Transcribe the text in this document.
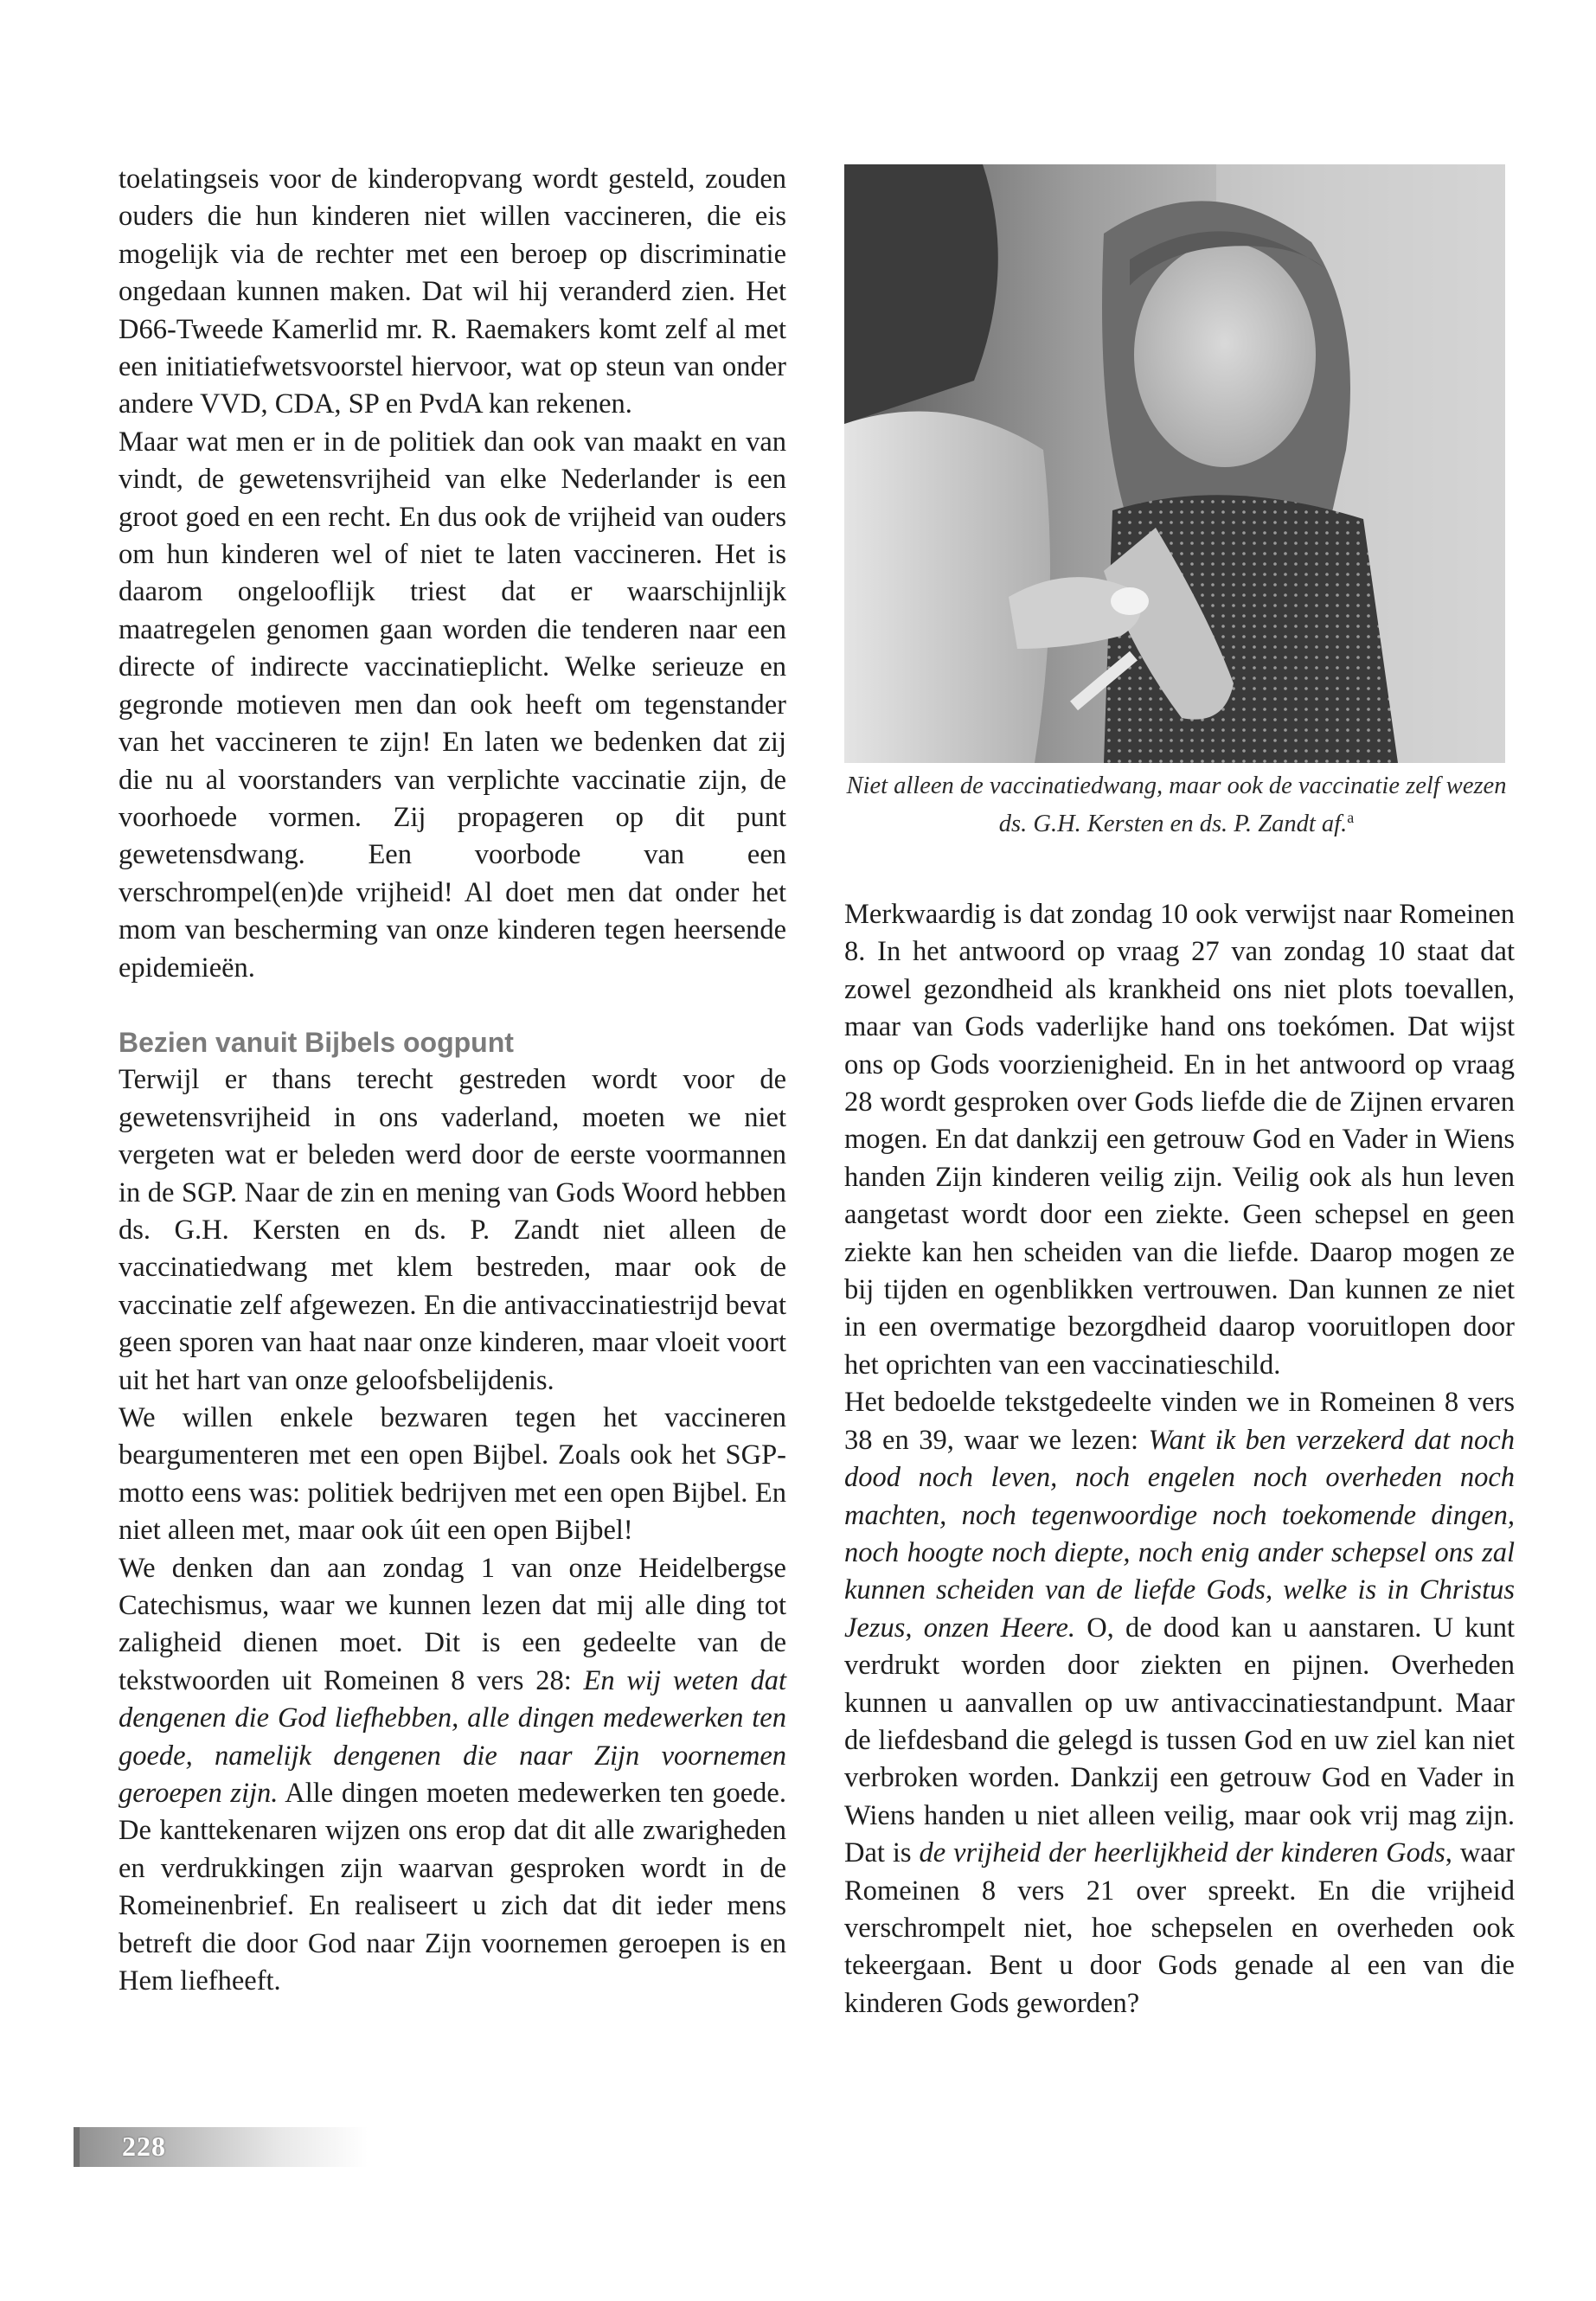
toelatingseis voor de kinderopvang wordt gesteld, zouden ouders die hun kinderen niet willen vaccineren, die eis mogelijk via de rechter met een beroep op discriminatie ongedaan kunnen maken. Dat wil hij veranderd zien. Het D66-Tweede Kamerlid mr. R. Raemakers komt zelf al met een initiatiefwetsvoorstel hiervoor, wat op steun van onder andere VVD, CDA, SP en PvdA kan rekenen.

Maar wat men er in de politiek dan ook van maakt en van vindt, de gewetensvrijheid van elke Nederlander is een groot goed en een recht. En dus ook de vrijheid van ouders om hun kinderen wel of niet te laten vaccineren. Het is daarom ongelooflijk triest dat er waarschijnlijk maatregelen genomen gaan worden die tenderen naar een directe of indirecte vaccinatieplicht. Welke serieuze en gegronde motieven men dan ook heeft om tegenstander van het vaccineren te zijn! En laten we bedenken dat zij die nu al voorstanders van verplichte vaccinatie zijn, de voorhoede vormen. Zij propageren op dit punt gewetensdwang. Een voorbode van een verschrompel(en)de vrijheid! Al doet men dat onder het mom van bescherming van onze kinderen tegen heersende epidemieën.

Bezien vanuit Bijbels oogpunt

Terwijl er thans terecht gestreden wordt voor de gewetensvrijheid in ons vaderland, moeten we niet vergeten wat er beleden werd door de eerste voormannen in de SGP. Naar de zin en mening van Gods Woord hebben ds. G.H. Kersten en ds. P. Zandt niet alleen de vaccinatiedwang met klem bestreden, maar ook de vaccinatie zelf afgewezen. En die antivaccinatiestrijd bevat geen sporen van haat naar onze kinderen, maar vloeit voort uit het hart van onze geloofsbelijdenis.

We willen enkele bezwaren tegen het vaccineren beargumenteren met een open Bijbel. Zoals ook het SGP-motto eens was: politiek bedrijven met een open Bijbel. En niet alleen met, maar ook úit een open Bijbel!

We denken dan aan zondag 1 van onze Heidelbergse Catechismus, waar we kunnen lezen dat mij alle ding tot zaligheid dienen moet. Dit is een gedeelte van de tekstwoorden uit Romeinen 8 vers 28: En wij weten dat dengenen die God liefhebben, alle dingen medewerken ten goede, namelijk dengenen die naar Zijn voornemen geroepen zijn. Alle dingen moeten medewerken ten goede. De kanttekenaren wijzen ons erop dat dit alle zwarigheden en verdrukkingen zijn waarvan gesproken wordt in de Romeinenbrief. En realiseert u zich dat dit ieder mens betreft die door God naar Zijn voornemen geroepen is en Hem liefheeft.

Niet alleen de vaccinatiedwang, maar ook de vaccinatie zelf wezen ds. G.H. Kersten en ds. P. Zandt af.$^a$

Merkwaardig is dat zondag 10 ook verwijst naar Romeinen 8. In het antwoord op vraag 27 van zondag 10 staat dat zowel gezondheid als krankheid ons niet plots toevallen, maar van Gods vaderlijke hand ons toekómen. Dat wijst ons op Gods voorzienigheid. En in het antwoord op vraag 28 wordt gesproken over Gods liefde die de Zijnen ervaren mogen. En dat dankzij een getrouw God en Vader in Wiens handen Zijn kinderen veilig zijn. Veilig ook als hun leven aangetast wordt door een ziekte. Geen schepsel en geen ziekte kan hen scheiden van die liefde. Daarop mogen ze bij tijden en ogenblikken vertrouwen. Dan kunnen ze niet in een overmatige bezorgdheid daarop vooruitlopen door het oprichten van een vaccinatieschild.

Het bedoelde tekstgedeelte vinden we in Romeinen 8 vers 38 en 39, waar we lezen: Want ik ben verzekerd dat noch dood noch leven, noch engelen noch overheden noch machten, noch tegenwoordige noch toekomende dingen, noch hoogte noch diepte, noch enig ander schepsel ons zal kunnen scheiden van de liefde Gods, welke is in Christus Jezus, onzen Heere. O, de dood kan u aanstaren. U kunt verdrukt worden door ziekten en pijnen. Overheden kunnen u aanvallen op uw antivaccinatiestandpunt. Maar de liefdesband die gelegd is tussen God en uw ziel kan niet verbroken worden. Dankzij een getrouw God en Vader in Wiens handen u niet alleen veilig, maar ook vrij mag zijn. Dat is de vrijheid der heerlijkheid der kinderen Gods, waar Romeinen 8 vers 21 over spreekt. En die vrijheid verschrompelt niet, hoe schepselen en overheden ook tekeergaan. Bent u door Gods genade al een van die kinderen Gods geworden?

228
